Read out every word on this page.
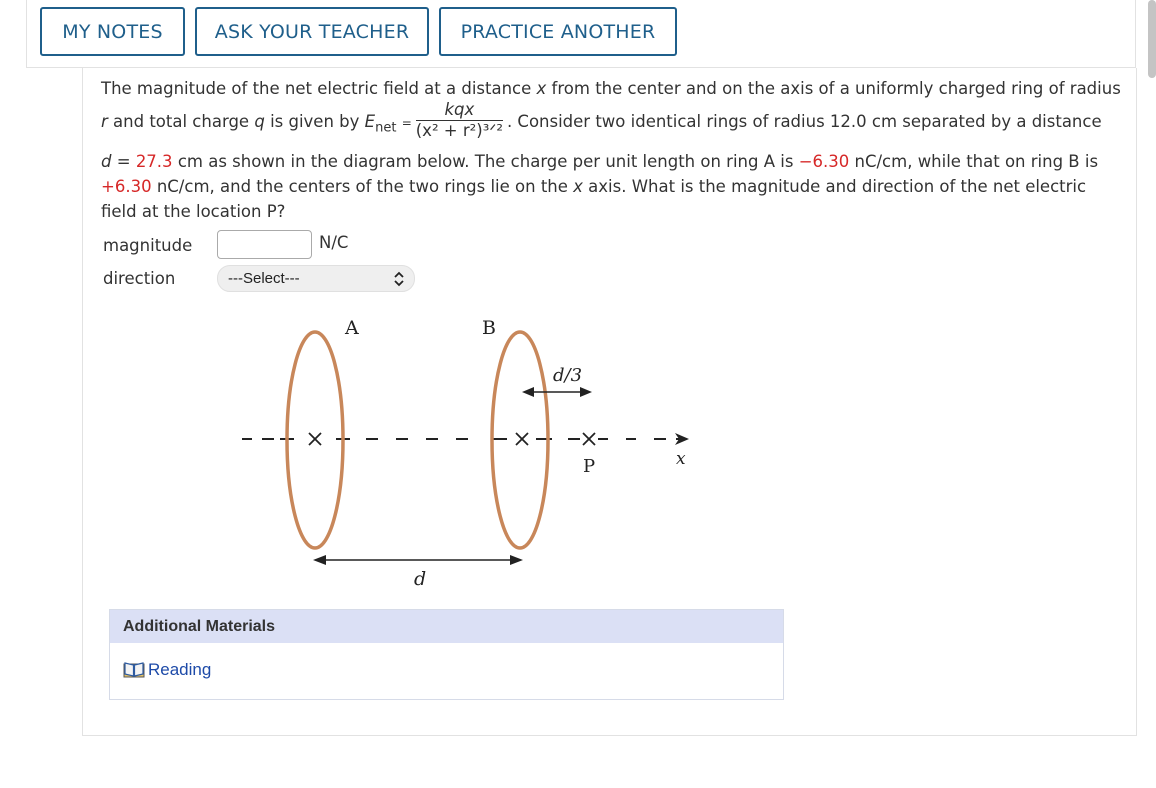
MY NOTES	ASK YOUR TEACHER	PRACTICE ANOTHER
The magnitude of the net electric field at a distance x from the center and on the axis of a uniformly charged ring of radius
r and total charge q is given by $E_{net} = \frac{\text{kqx}}{\text{(x² + r²)³ᐟ²}}$ . Consider two identical rings of radius 12.0 cm separated by a distance
d = 27.3 cm as shown in the diagram below. The charge per unit length on ring A is −6.30 nC/cm, while that on ring B is
+6.30 nC/cm, and the centers of the two rings lie on the x axis. What is the magnitude and direction of the net electric field at the location P?
magnitude	N/C
direction	---Select---
A	B
d/3
P	x
d
Additional Materials
Reading
